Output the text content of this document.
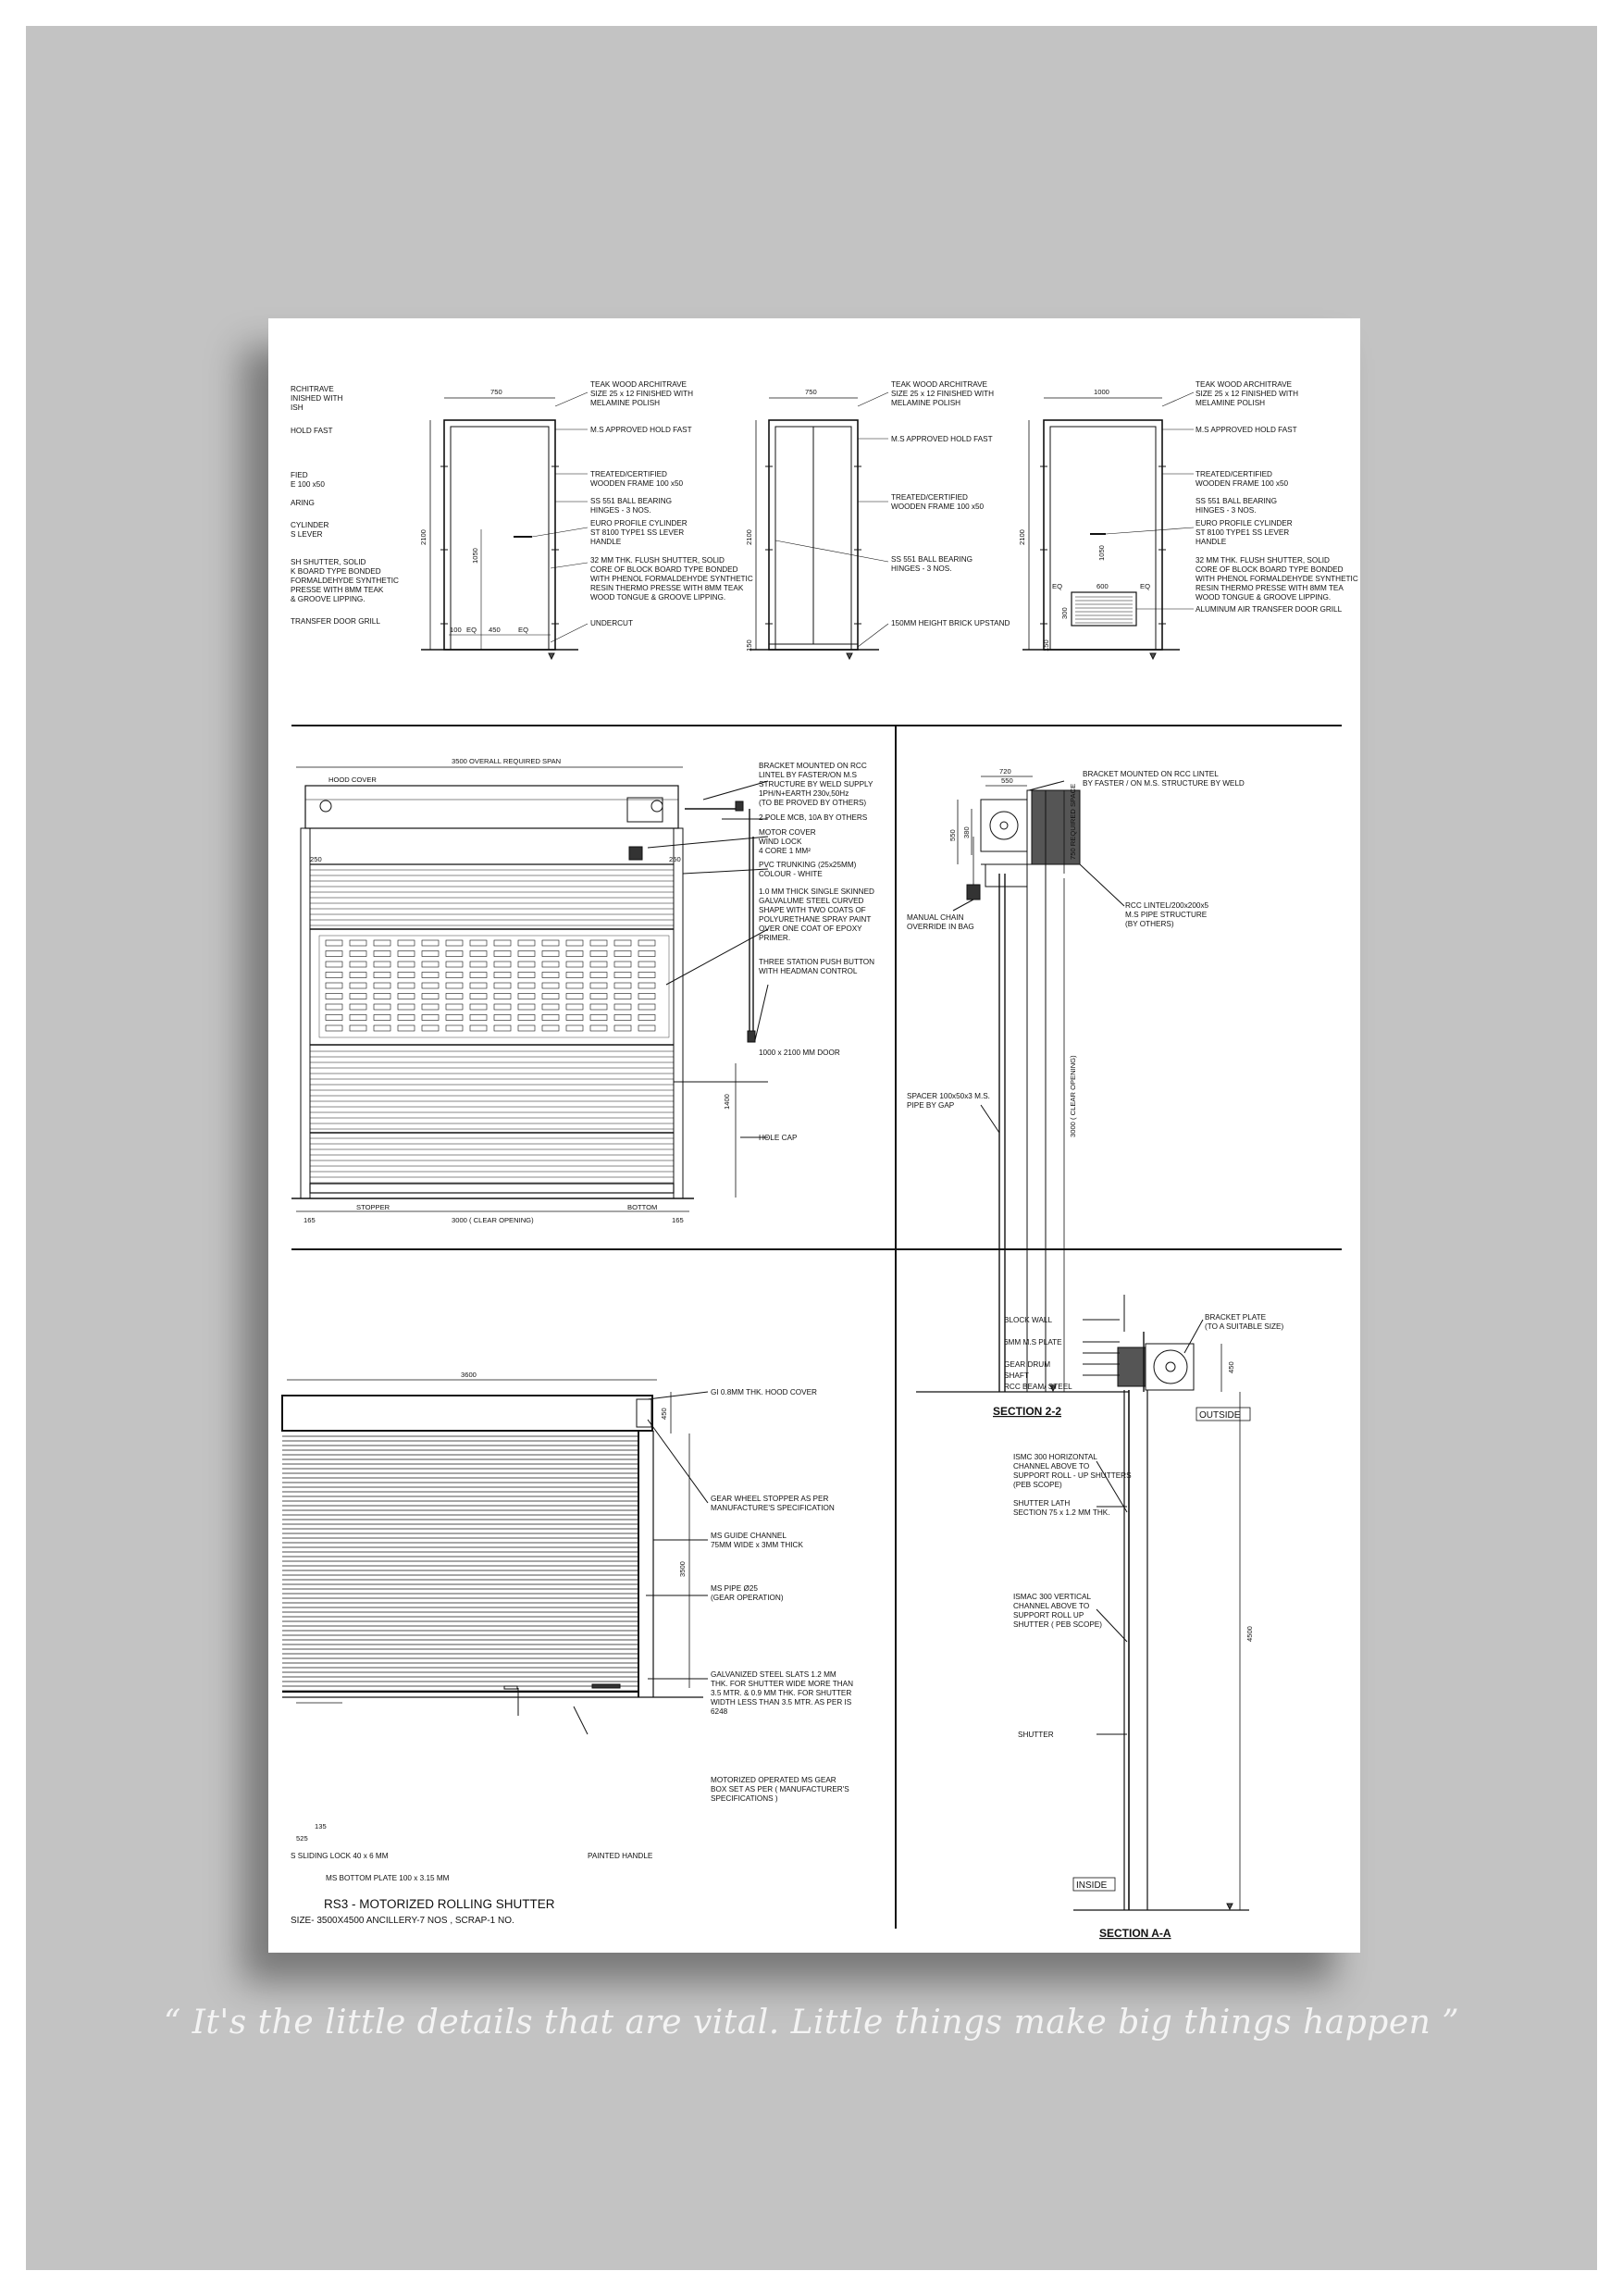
RCHITRAVE
INISHED WITH
ISH
HOLD FAST
FIED
E 100 x50
ARING
CYLINDER
S LEVER
SH SHUTTER, SOLID
K BOARD TYPE BONDED
FORMALDEHYDE SYNTHETIC
PRESSE WITH 8MM TEAK
& GROOVE LIPPING.
TRANSFER DOOR GRILL
TEAK WOOD ARCHITRAVE
SIZE 25 x 12 FINISHED WITH
MELAMINE POLISH
M.S APPROVED HOLD FAST
TREATED/CERTIFIED
WOODEN FRAME 100 x50
SS 551 BALL BEARING
HINGES - 3 NOS.
EURO PROFILE CYLINDER
ST 8100 TYPE1 SS LEVER
HANDLE
32 MM THK. FLUSH SHUTTER, SOLID
CORE OF BLOCK BOARD TYPE BONDED
WITH PHENOL FORMALDEHYDE SYNTHETIC
RESIN THERMO PRESSE WITH 8MM TEAK
WOOD TONGUE & GROOVE LIPPING.
UNDERCUT
TEAK WOOD ARCHITRAVE
SIZE 25 x 12 FINISHED WITH
MELAMINE POLISH
M.S APPROVED HOLD FAST
TREATED/CERTIFIED
WOODEN FRAME 100 x50
SS 551 BALL BEARING
HINGES - 3 NOS.
150MM HEIGHT BRICK UPSTAND
TEAK WOOD ARCHITRAVE
SIZE 25 x 12 FINISHED WITH
MELAMINE POLISH
M.S APPROVED HOLD FAST
TREATED/CERTIFIED
WOODEN FRAME 100 x50
SS 551 BALL BEARING
HINGES - 3 NOS.
EURO PROFILE CYLINDER
ST 8100 TYPE1 SS LEVER
HANDLE
32 MM THK. FLUSH SHUTTER, SOLID
CORE OF BLOCK BOARD TYPE BONDED
WITH PHENOL FORMALDEHYDE SYNTHETIC
RESIN THERMO PRESSE WITH 8MM TEA
WOOD TONGUE & GROOVE LIPPING.
ALUMINUM AIR TRANSFER DOOR GRILL
BRACKET MOUNTED ON RCC
LINTEL BY FASTER/ON M.S
STRUCTURE BY WELD SUPPLY
1PH/N+EARTH 230v,50Hz
(TO BE PROVED BY OTHERS)
2 POLE MCB, 10A BY OTHERS
MOTOR COVER
WIND LOCK
4 CORE 1 MM²
PVC TRUNKING (25x25MM)
COLOUR - WHITE
1.0 MM THICK SINGLE SKINNED
GALVALUME STEEL CURVED
SHAPE WITH TWO COATS OF
POLYURETHANE SPRAY PAINT
OVER ONE COAT OF EPOXY
PRIMER.
THREE STATION PUSH BUTTON
WITH HEADMAN CONTROL
1000 x 2100 MM DOOR
HOLE CAP
3500 OVERALL REQUIRED SPAN
HOOD COVER
250	250
1400
STOPPER	BOTTOM
165	165
3000 ( CLEAR OPENING)
BRACKET MOUNTED ON RCC LINTEL
BY FASTER / ON M.S. STRUCTURE BY WELD
MANUAL CHAIN
OVERRIDE IN BAG
RCC LINTEL/200x200x5
M.S PIPE STRUCTURE
(BY OTHERS)
SPACER 100x50x3 M.S.
PIPE BY GAP
720
550
550 380	750 REQUIRED SPACE
3000 ( CLEAR OPENING)
SECTION 2-2
GI 0.8MM THK. HOOD COVER
GEAR WHEEL STOPPER AS PER
MANUFACTURE'S SPECIFICATION
MS GUIDE CHANNEL
75MM WIDE x 3MM THICK
MS PIPE Ø25
(GEAR OPERATION)
GALVANIZED STEEL SLATS 1.2 MM
THK. FOR SHUTTER WIDE MORE THAN
3.5 MTR. & 0.9 MM THK. FOR SHUTTER
WIDTH LESS THAN 3.5 MTR. AS PER IS
6248
MOTORIZED OPERATED MS GEAR
BOX SET AS PER ( MANUFACTURER'S
SPECIFICATIONS )
S SLIDING LOCK 40 x 6 MM	PAINTED HANDLE
MS BOTTOM PLATE 100 x 3.15 MM
3600
450
3500
135
525
RS3 - MOTORIZED ROLLING SHUTTER
SIZE- 3500X4500 ANCILLERY-7 NOS , SCRAP-1 NO.
BLOCK WALL
6MM M.S PLATE
GEAR DRUM
SHAFT
RCC BEAM/ STEEL
BRACKET PLATE
(TO A SUITABLE SIZE)
ISMC 300 HORIZONTAL
CHANNEL ABOVE TO
SUPPORT ROLL - UP SHUTTERS
(PEB SCOPE)
SHUTTER LATH
SECTION 75 x 1.2 MM THK.
ISMAC 300 VERTICAL
CHANNEL ABOVE TO
SUPPORT ROLL UP
SHUTTER ( PEB SCOPE)
SHUTTER
OUTSIDE
INSIDE
450
4500
SECTION A-A
750
2100
1050
100 EQ 450	EQ
750
2100
150
1000
2100
1050
EQ	600	EQ
300
150
“ It's the little details that are vital. Little things make big things happen ”
